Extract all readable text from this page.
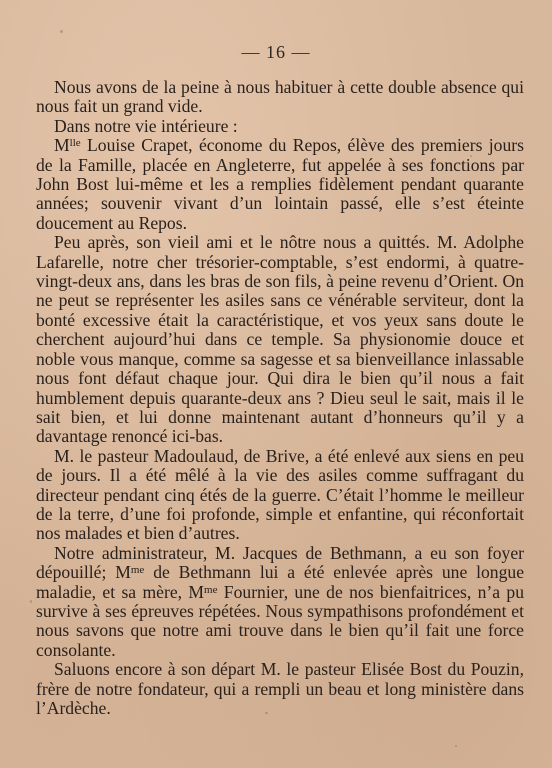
— 16 —

Nous avons de la peine à nous habituer à cette double absence qui nous fait un grand vide.

Dans notre vie intérieure :

$M^{lle}$ Louise Crapet, économe du Repos, élève des premiers jours de la Famille, placée en Angleterre, fut appelée à ses fonctions par John Bost lui-même et les a remplies fidèlement pendant quarante années; souvenir vivant d’un lointain passé, elle s’est éteinte doucement au Repos.

Peu après, son vieil ami et le nôtre nous a quittés. M. Adolphe Lafarelle, notre cher trésorier-comptable, s’est endormi, à quatre-vingt-deux ans, dans les bras de son fils, à peine revenu d’Orient. On ne peut se représenter les asiles sans ce vénérable serviteur, dont la bonté excessive était la caractéristique, et vos yeux sans doute le cherchent aujourd’hui dans ce temple. Sa physionomie douce et noble vous manque, comme sa sagesse et sa bienveillance inlassable nous font défaut chaque jour. Qui dira le bien qu’il nous a fait humblement depuis quarante-deux ans ? Dieu seul le sait, mais il le sait bien, et lui donne maintenant autant d’honneurs qu’il y a davantage renoncé ici-bas.

M. le pasteur Madoulaud, de Brive, a été enlevé aux siens en peu de jours. Il a été mêlé à la vie des asiles comme suffragant du directeur pendant cinq étés de la guerre. C’était l’homme le meilleur de la terre, d’une foi profonde, simple et enfantine, qui réconfortait nos malades et bien d’autres.

Notre administrateur, M. Jacques de Bethmann, a eu son foyer dépouillé; $M^{me}$ de Bethmann lui a été enlevée après une longue maladie, et sa mère, $M^{me}$ Fournier, une de nos bienfaitrices, n’a pu survive à ses épreuves répétées. Nous sympathisons profondément et nous savons que notre ami trouve dans le bien qu’il fait une force consolante.

Saluons encore à son départ M. le pasteur Elisée Bost du Pouzin, frère de notre fondateur, qui a rempli un beau et long ministère dans l’Ardèche.
